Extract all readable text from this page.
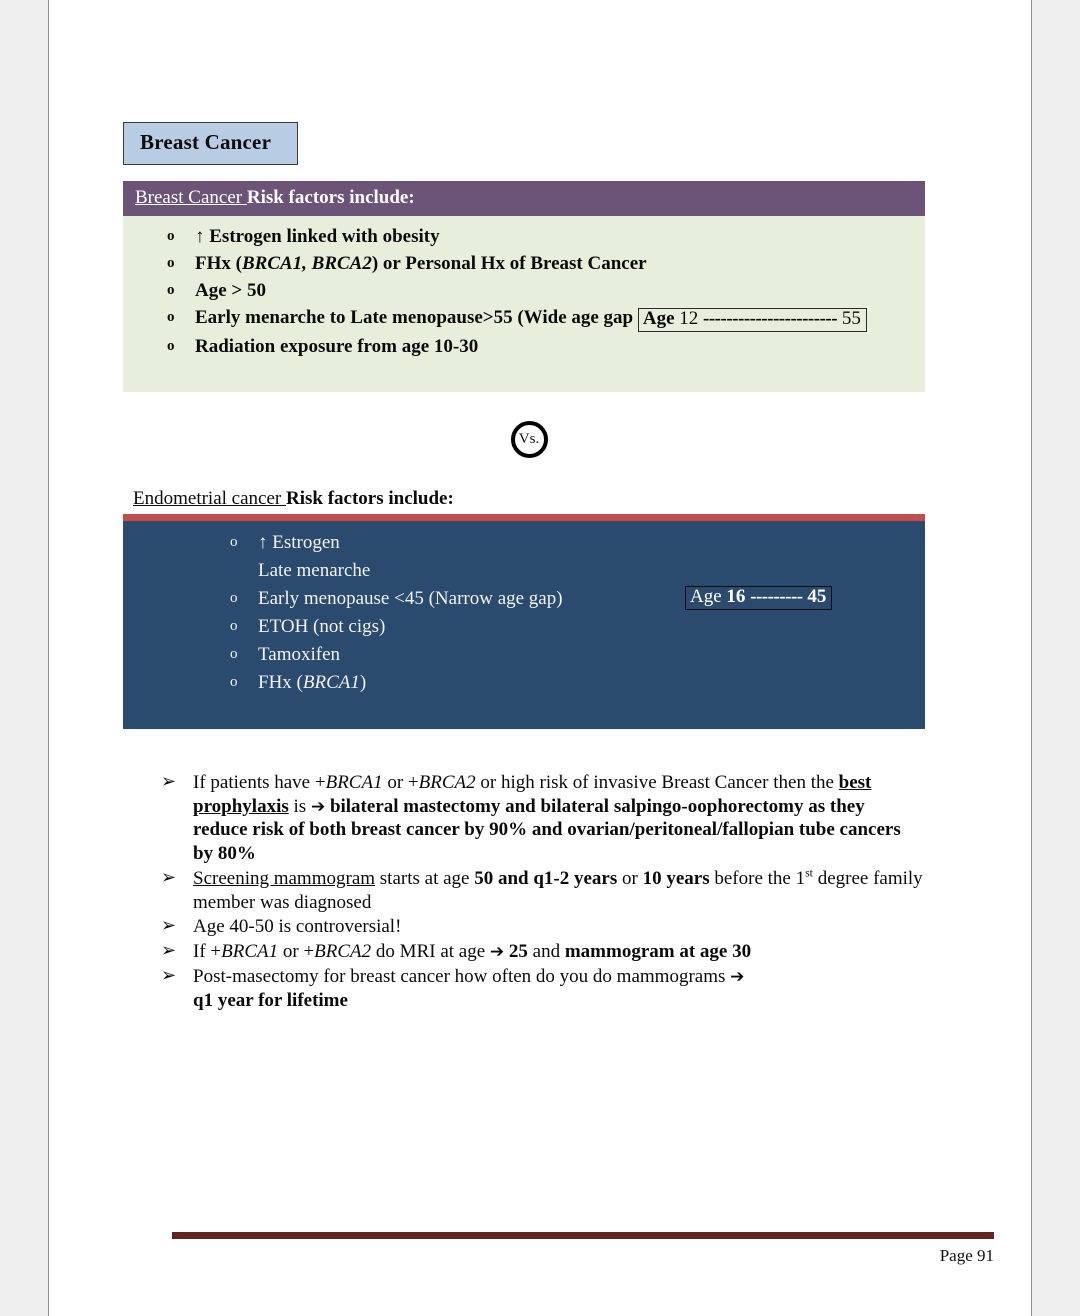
Breast Cancer
Breast Cancer Risk factors include:
o ↑ Estrogen linked with obesity
o FHx (BRCA1, BRCA2) or Personal Hx of Breast Cancer
o Age > 50
o Early menarche to Late menopause>55 (Wide age gap Age 12 ----------------------- 55
o Radiation exposure from age 10-30
Vs.
Endometrial cancer Risk factors include:
o ↑ Estrogen
Late menarche
o Early menopause <45 (Narrow age gap)	Age 16 --------- 45
o ETOH (not cigs)
o Tamoxifen
o FHx (BRCA1)
➢ If patients have +BRCA1 or +BRCA2 or high risk of invasive Breast Cancer then the best prophylaxis is ➔ bilateral mastectomy and bilateral salpingo-oophorectomy as they reduce risk of both breast cancer by 90% and ovarian/peritoneal/fallopian tube cancers by 80%
➢ Screening mammogram starts at age 50 and q1-2 years or 10 years before the 1st degree family member was diagnosed
➢ Age 40-50 is controversial!
➢ If +BRCA1 or +BRCA2 do MRI at age ➔ 25 and mammogram at age 30
➢ Post-masectomy for breast cancer how often do you do mammograms ➔
q1 year for lifetime
Page 91
